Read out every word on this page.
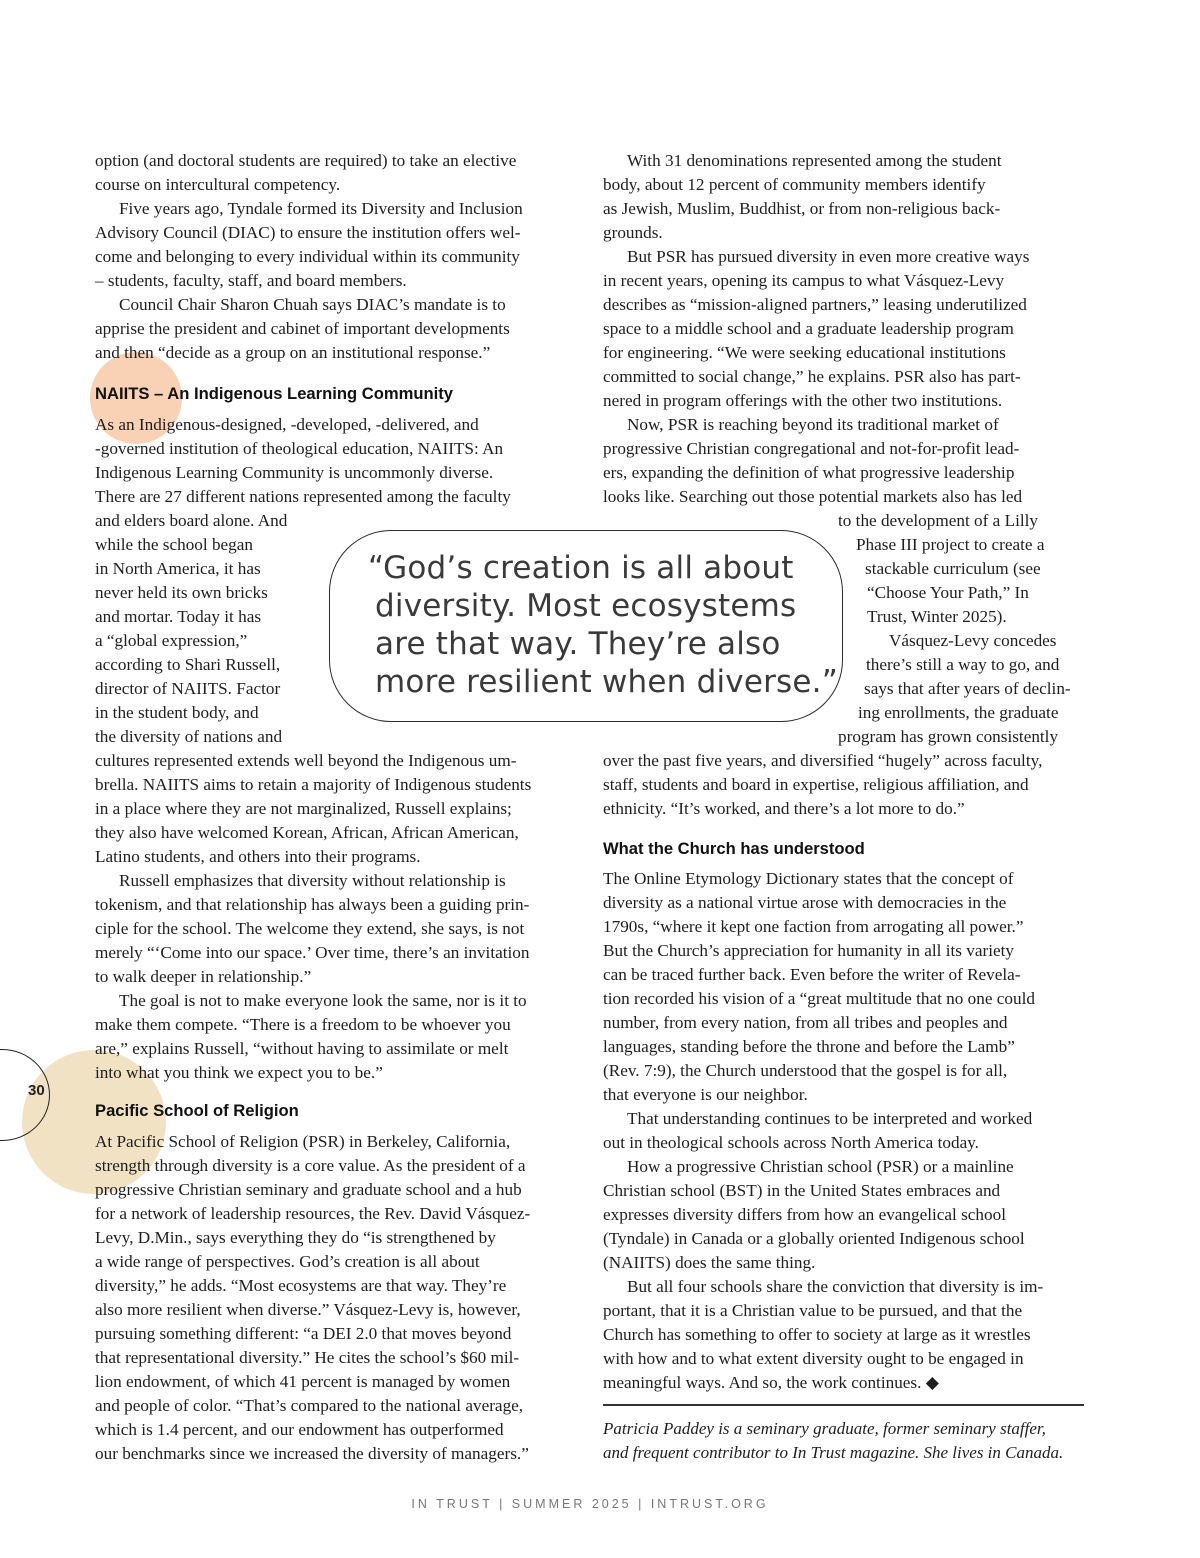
30
option (and doctoral students are required) to take an elective
course on intercultural competency.
Five years ago, Tyndale formed its Diversity and Inclusion
Advisory Council (DIAC) to ensure the institution offers wel-
come and belonging to every individual within its community
– students, faculty, staff, and board members.
Council Chair Sharon Chuah says DIAC’s mandate is to
apprise the president and cabinet of important developments
and then “decide as a group on an institutional response.”
NAIITS – An Indigenous Learning Community
As an Indigenous-designed, -developed, -delivered, and
-governed institution of theological education, NAIITS: An
Indigenous Learning Community is uncommonly diverse.
There are 27 different nations represented among the faculty
and elders board alone. And
while the school began
in North America, it has
never held its own bricks
and mortar. Today it has
a “global expression,”
according to Shari Russell,
director of NAIITS. Factor
in the student body, and
the diversity of nations and
cultures represented extends well beyond the Indigenous um-
brella. NAIITS aims to retain a majority of Indigenous students
in a place where they are not marginalized, Russell explains;
they also have welcomed Korean, African, African American,
Latino students, and others into their programs.
Russell emphasizes that diversity without relationship is
tokenism, and that relationship has always been a guiding prin-
ciple for the school. The welcome they extend, she says, is not
merely “‘Come into our space.’ Over time, there’s an invitation
to walk deeper in relationship.”
The goal is not to make everyone look the same, nor is it to
make them compete. “There is a freedom to be whoever you
are,” explains Russell, “without having to assimilate or melt
into what you think we expect you to be.”
Pacific School of Religion
At Pacific School of Religion (PSR) in Berkeley, California,
strength through diversity is a core value. As the president of a
progressive Christian seminary and graduate school and a hub
for a network of leadership resources, the Rev. David Vásquez-
Levy, D.Min., says everything they do “is strengthened by
a wide range of perspectives. God’s creation is all about
diversity,” he adds. “Most ecosystems are that way. They’re
also more resilient when diverse.” Vásquez-Levy is, however,
pursuing something different: “a DEI 2.0 that moves beyond
that representational diversity.” He cites the school’s $60 mil-
lion endowment, of which 41 percent is managed by women
and people of color. “That’s compared to the national average,
which is 1.4 percent, and our endowment has outperformed
our benchmarks since we increased the diversity of managers.”
“God’s creation is all about
diversity. Most ecosystems
are that way. They’re also
more resilient when diverse.”
With 31 denominations represented among the student
body, about 12 percent of community members identify
as Jewish, Muslim, Buddhist, or from non-religious back-
grounds.
But PSR has pursued diversity in even more creative ways
in recent years, opening its campus to what Vásquez-Levy
describes as “mission-aligned partners,” leasing underutilized
space to a middle school and a graduate leadership program
for engineering. “We were seeking educational institutions
committed to social change,” he explains. PSR also has part-
nered in program offerings with the other two institutions.
Now, PSR is reaching beyond its traditional market of
progressive Christian congregational and not-for-profit lead-
ers, expanding the definition of what progressive leadership
looks like. Searching out those potential markets also has led
to the development of a Lilly
Phase III project to create a
stackable curriculum (see
“Choose Your Path,” In
Trust, Winter 2025).
Vásquez-Levy concedes
there’s still a way to go, and
says that after years of declin-
ing enrollments, the graduate
program has grown consistently
over the past five years, and diversified “hugely” across faculty,
staff, students and board in expertise, religious affiliation, and
ethnicity. “It’s worked, and there’s a lot more to do.”
What the Church has understood
The Online Etymology Dictionary states that the concept of
diversity as a national virtue arose with democracies in the
1790s, “where it kept one faction from arrogating all power.”
But the Church’s appreciation for humanity in all its variety
can be traced further back. Even before the writer of Revela-
tion recorded his vision of a “great multitude that no one could
number, from every nation, from all tribes and peoples and
languages, standing before the throne and before the Lamb”
(Rev. 7:9), the Church understood that the gospel is for all,
that everyone is our neighbor.
That understanding continues to be interpreted and worked
out in theological schools across North America today.
How a progressive Christian school (PSR) or a mainline
Christian school (BST) in the United States embraces and
expresses diversity differs from how an evangelical school
(Tyndale) in Canada or a globally oriented Indigenous school
(NAIITS) does the same thing.
But all four schools share the conviction that diversity is im-
portant, that it is a Christian value to be pursued, and that the
Church has something to offer to society at large as it wrestles
with how and to what extent diversity ought to be engaged in
meaningful ways. And so, the work continues. ◆
Patricia Paddey is a seminary graduate, former seminary staffer,
and frequent contributor to In Trust magazine. She lives in Canada.
IN TRUST | SUMMER 2025 | INTRUST.ORG
